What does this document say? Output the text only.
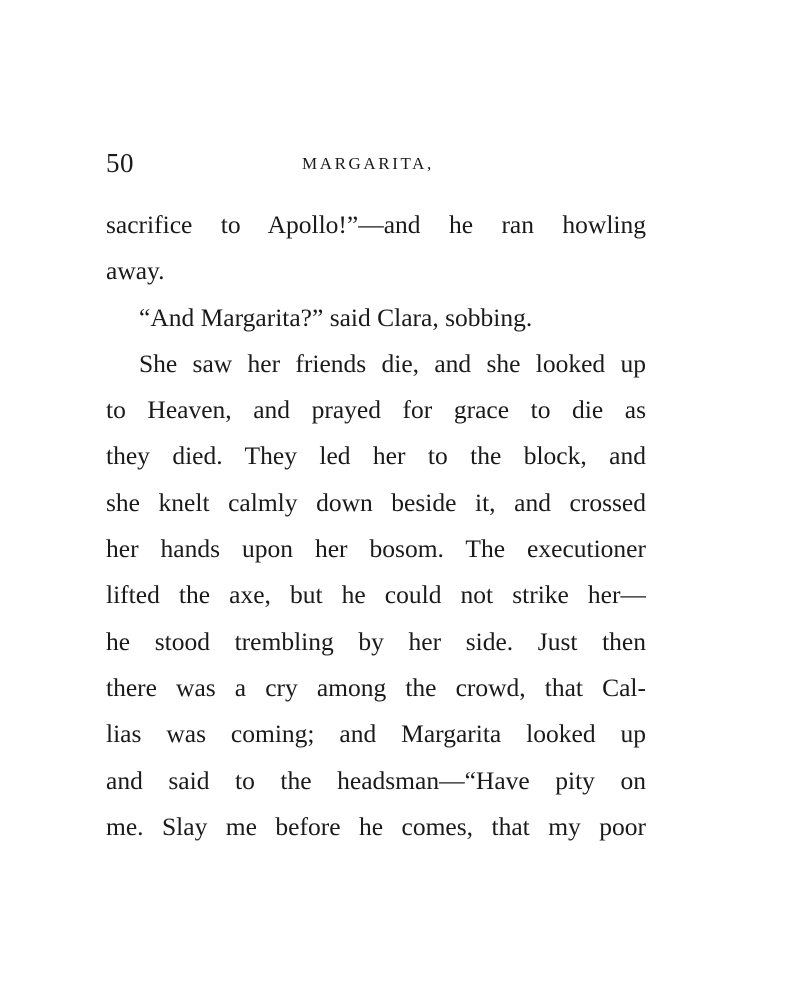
50	MARGARITA,
sacrifice to Apollo!”—and he ran howling
away.
“And Margarita?” said Clara, sobbing.
She saw her friends die, and she looked up
to Heaven, and prayed for grace to die as
they died. They led her to the block, and
she knelt calmly down beside it, and crossed
her hands upon her bosom. The executioner
lifted the axe, but he could not strike her—
he stood trembling by her side. Just then
there was a cry among the crowd, that Cal-
lias was coming; and Margarita looked up
and said to the headsman—“Have pity on
me. Slay me before he comes, that my poor
